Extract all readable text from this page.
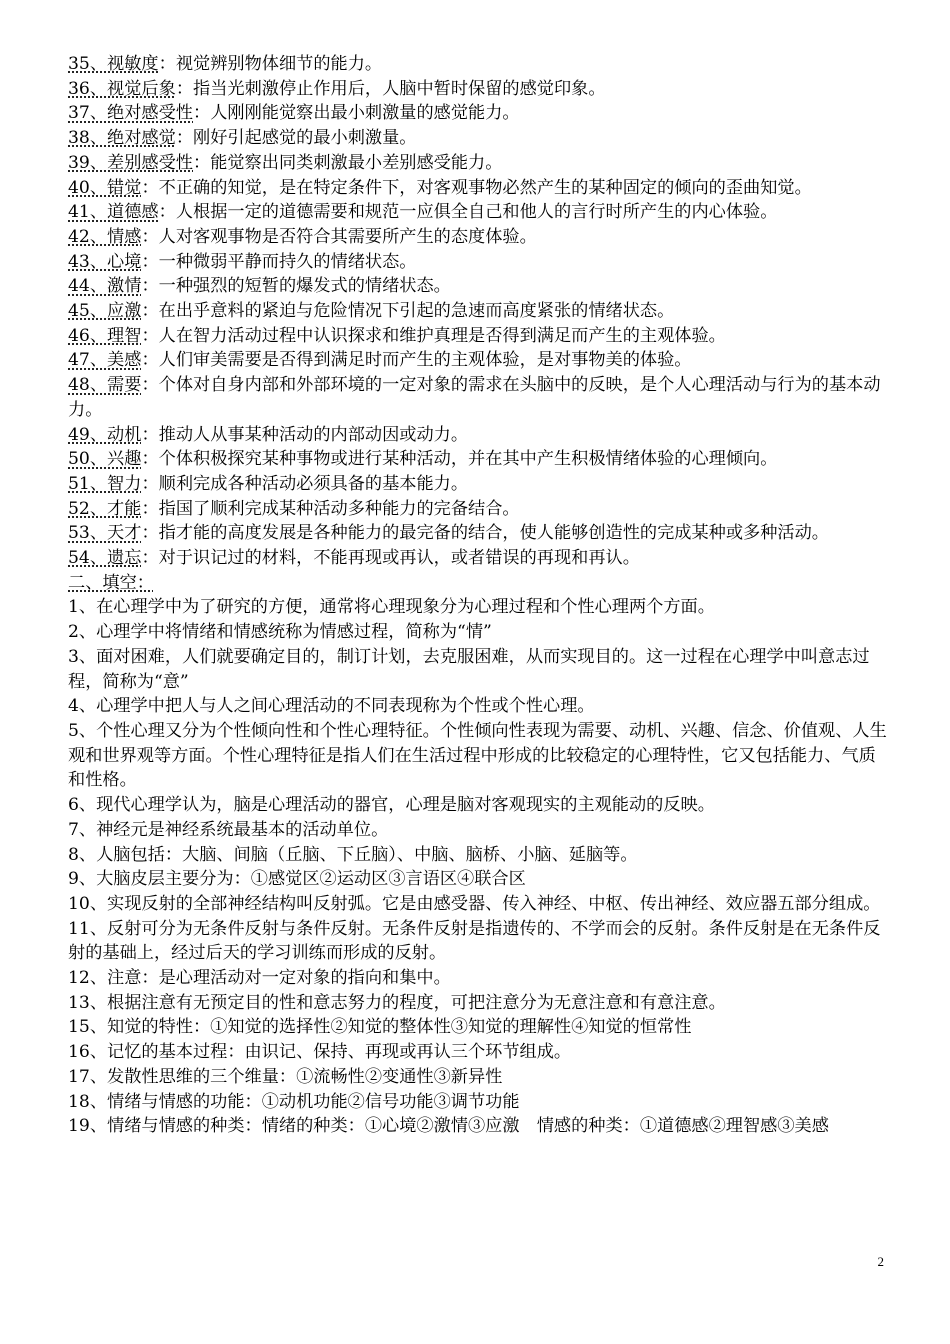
35、视敏度：视觉辨别物体细节的能力。
36、视觉后象：指当光刺激停止作用后，人脑中暂时保留的感觉印象。
37、绝对感受性：人刚刚能觉察出最小刺激量的感觉能力。
38、绝对感觉：刚好引起感觉的最小刺激量。
39、差别感受性：能觉察出同类刺激最小差别感受能力。
40、错觉：不正确的知觉，是在特定条件下，对客观事物必然产生的某种固定的倾向的歪曲知觉。
41、道德感：人根据一定的道德需要和规范一应俱全自己和他人的言行时所产生的内心体验。
42、情感：人对客观事物是否符合其需要所产生的态度体验。
43、心境：一种微弱平静而持久的情绪状态。
44、激情：一种强烈的短暂的爆发式的情绪状态。
45、应激：在出乎意料的紧迫与危险情况下引起的急速而高度紧张的情绪状态。
46、理智：人在智力活动过程中认识探求和维护真理是否得到满足而产生的主观体验。
47、美感：人们审美需要是否得到满足时而产生的主观体验，是对事物美的体验。
48、需要：个体对自身内部和外部环境的一定对象的需求在头脑中的反映，是个人心理活动与行为的基本动力。
49、动机：推动人从事某种活动的内部动因或动力。
50、兴趣：个体积极探究某种事物或进行某种活动，并在其中产生积极情绪体验的心理倾向。
51、智力：顺利完成各种活动必须具备的基本能力。
52、才能：指国了顺利完成某种活动多种能力的完备结合。
53、天才：指才能的高度发展是各种能力的最完备的结合，使人能够创造性的完成某种或多种活动。
54、遗忘：对于识记过的材料，不能再现或再认，或者错误的再现和再认。
二、填空：
1、在心理学中为了研究的方便，通常将心理现象分为心理过程和个性心理两个方面。
2、心理学中将情绪和情感统称为情感过程，简称为“情”
3、面对困难，人们就要确定目的，制订计划，去克服困难，从而实现目的。这一过程在心理学中叫意志过程，简称为“意”
4、心理学中把人与人之间心理活动的不同表现称为个性或个性心理。
5、个性心理又分为个性倾向性和个性心理特征。个性倾向性表现为需要、动机、兴趣、信念、价值观、人生观和世界观等方面。个性心理特征是指人们在生活过程中形成的比较稳定的心理特性，它又包括能力、气质和性格。
6、现代心理学认为，脑是心理活动的器官，心理是脑对客观现实的主观能动的反映。
7、神经元是神经系统最基本的活动单位。
8、人脑包括：大脑、间脑（丘脑、下丘脑）、中脑、脑桥、小脑、延脑等。
9、大脑皮层主要分为：①感觉区②运动区③言语区④联合区
10、实现反射的全部神经结构叫反射弧。它是由感受器、传入神经、中枢、传出神经、效应器五部分组成。
11、反射可分为无条件反射与条件反射。无条件反射是指遗传的、不学而会的反射。条件反射是在无条件反射的基础上，经过后天的学习训练而形成的反射。
12、注意：是心理活动对一定对象的指向和集中。
13、根据注意有无预定目的性和意志努力的程度，可把注意分为无意注意和有意注意。
15、知觉的特性：①知觉的选择性②知觉的整体性③知觉的理解性④知觉的恒常性
16、记忆的基本过程：由识记、保持、再现或再认三个环节组成。
17、发散性思维的三个维量：①流畅性②变通性③新异性
18、情绪与情感的功能：①动机功能②信号功能③调节功能
19、情绪与情感的种类：情绪的种类：①心境②激情③应激　情感的种类：①道德感②理智感③美感
2
